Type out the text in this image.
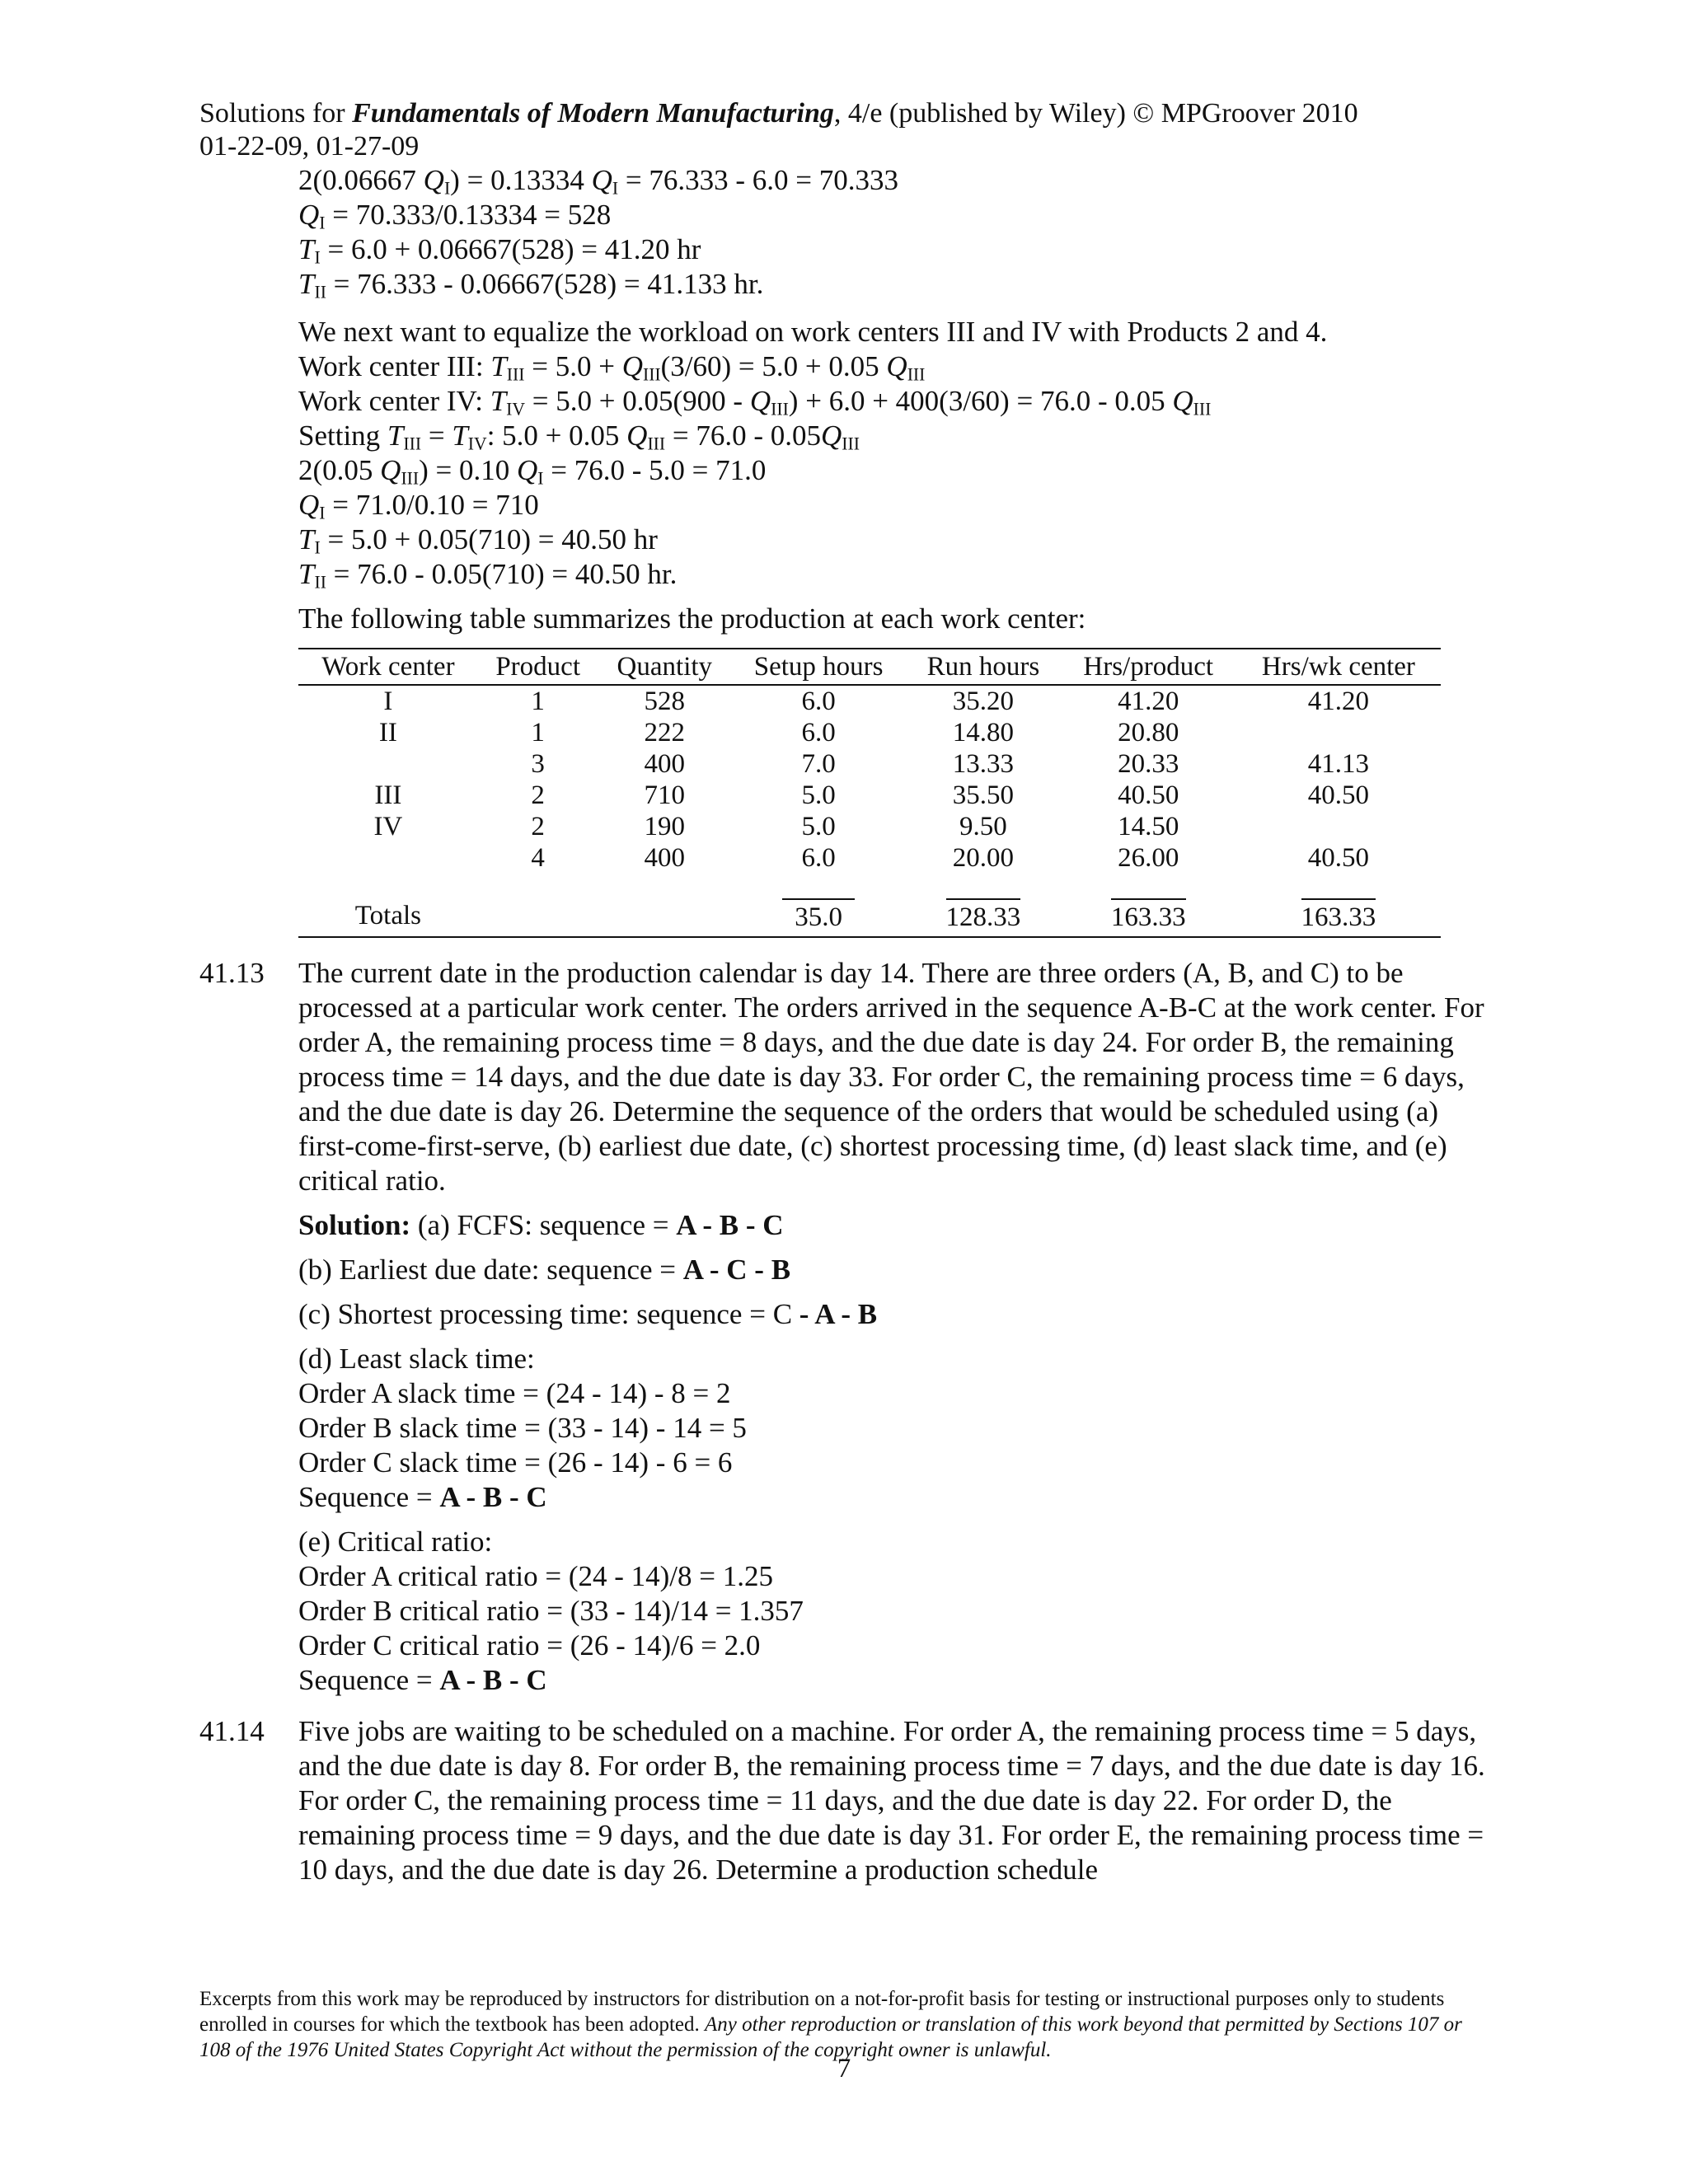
Solutions for Fundamentals of Modern Manufacturing, 4/e (published by Wiley) © MPGroover 2010
01-22-09, 01-27-09
2(0.06667 $Q_I) = 0.13334$ $Q_I = 76.333 - 6.0 = 70.333$
$Q_I = 70.333/0.13334 = 528$
$T_I = 6.0 + 0.06667(528) = 41.20$ hr
$T_{II} = 76.333 - 0.06667(528) = 41.133$ hr.
We next want to equalize the workload on work centers III and IV with Products 2 and 4.
Work center III: $T_{III} = 5.0 + Q_{III}(3/60) = 5.0 + 0.05$ $Q_{III}$
Work center IV: $T_{IV} = 5.0 + 0.05(900 - Q_{III}) + 6.0 + 400(3/60) = 76.0 - 0.05$ $Q_{III}$
Setting $T_{III} = T_{IV}$: 5.0 + 0.05 $Q_{III} = 76.0 - 0.05Q_{III}$
2(0.05 $Q_{III}) = 0.10$ $Q_I = 76.0 - 5.0 = 71.0$
$Q_I = 71.0/0.10 = 710$
$T_I = 5.0 + 0.05(710) = 40.50$ hr
$T_{II} = 76.0 - 0.05(710) = 40.50$ hr.
The following table summarizes the production at each work center:
Work center	Product	Quantity	Setup hours	Run hours	Hrs/product	Hrs/wk center
I	1	528	6.0	35.20	41.20	41.20
II	1	222	6.0	14.80	20.80	
	3	400	7.0	13.33	20.33	41.13
III	2	710	5.0	35.50	40.50	40.50
IV	2	190	5.0	9.50	14.50	
	4	400	6.0	20.00	26.00	40.50

Totals			35.0	128.33	163.33	163.33
41.13 The current date in the production calendar is day 14. There are three orders (A, B, and C) to be processed at a particular work center. The orders arrived in the sequence A-B-C at the work center. For order A, the remaining process time = 8 days, and the due date is day 24. For order B, the remaining process time = 14 days, and the due date is day 33. For order C, the remaining process time = 6 days, and the due date is day 26. Determine the sequence of the orders that would be scheduled using (a) first-come-first-serve, (b) earliest due date, (c) shortest processing time, (d) least slack time, and (e) critical ratio.
Solution: (a) FCFS: sequence = A - B - C
(b) Earliest due date: sequence = A - C - B
(c) Shortest processing time: sequence = C - A - B
(d) Least slack time:
Order A slack time = (24 - 14) - 8 = 2
Order B slack time = (33 - 14) - 14 = 5
Order C slack time = (26 - 14) - 6 = 6
Sequence = A - B - C
(e) Critical ratio:
Order A critical ratio = (24 - 14)/8 = 1.25
Order B critical ratio = (33 - 14)/14 = 1.357
Order C critical ratio = (26 - 14)/6 = 2.0
Sequence = A - B - C
41.14 Five jobs are waiting to be scheduled on a machine. For order A, the remaining process time = 5 days, and the due date is day 8. For order B, the remaining process time = 7 days, and the due date is day 16. For order C, the remaining process time = 11 days, and the due date is day 22. For order D, the remaining process time = 9 days, and the due date is day 31. For order E, the remaining process time = 10 days, and the due date is day 26. Determine a production schedule
Excerpts from this work may be reproduced by instructors for distribution on a not-for-profit basis for testing or instructional purposes only to students enrolled in courses for which the textbook has been adopted. Any other reproduction or translation of this work beyond that permitted by Sections 107 or 108 of the 1976 United States Copyright Act without the permission of the copyright owner is unlawful.
7
